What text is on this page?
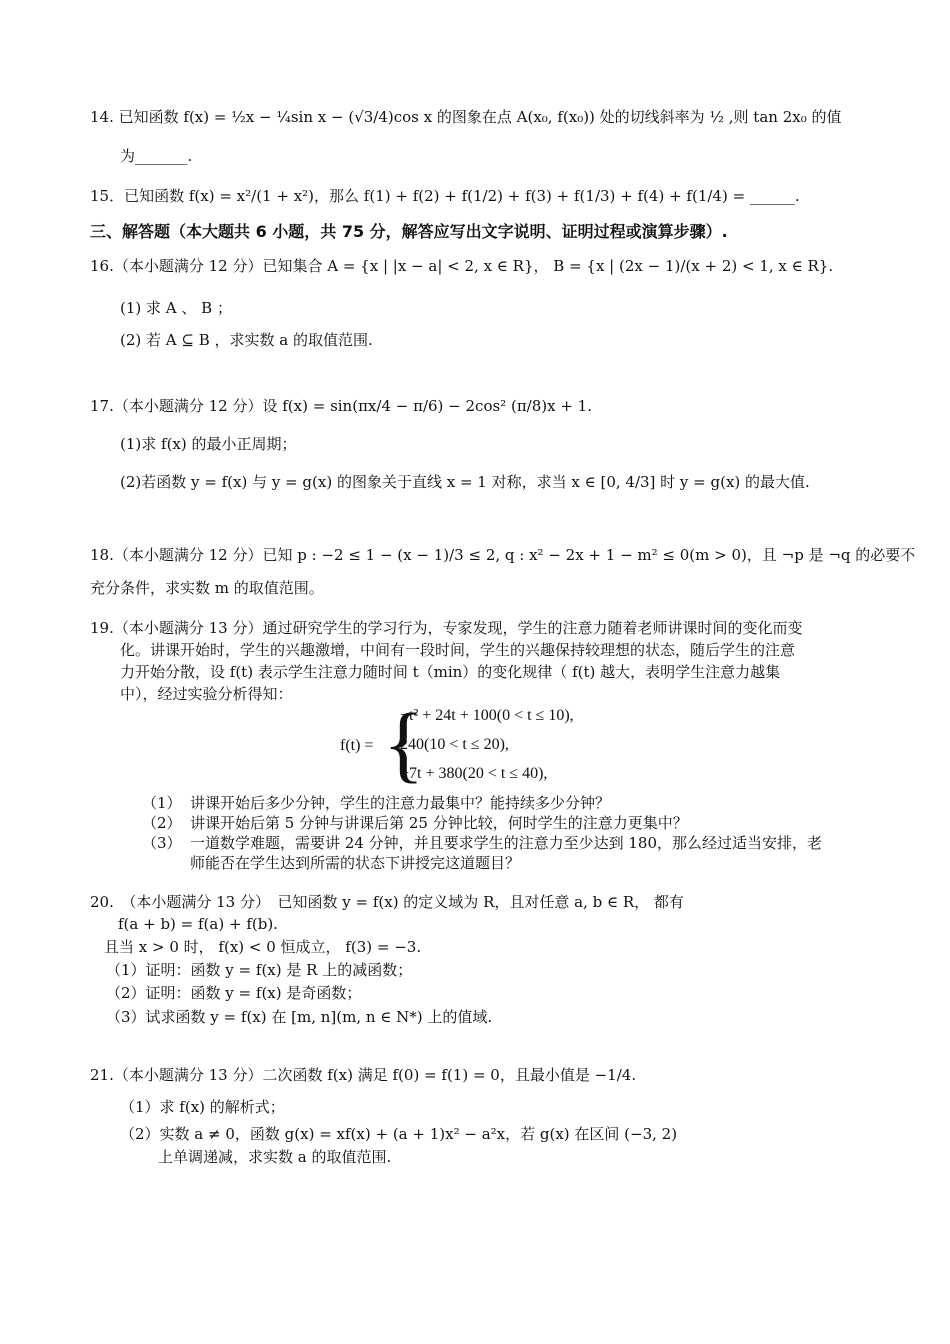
14. 已知函数 f(x) = ½x − ¼sin x − (√3/4)cos x 的图象在点 A(x₀, f(x₀)) 处的切线斜率为 ½ ,则 tan 2x₀ 的值
为_______.
15．已知函数 f(x) = x²/(1 + x²)，那么 f(1) + f(2) + f(1/2) + f(3) + f(1/3) + f(4) + f(1/4) = ______.
三、解答题（本大题共 6 小题，共 75 分，解答应写出文字说明、证明过程或演算步骤）.
16.（本小题满分 12 分）已知集合 A = {x | |x − a| < 2, x ∈ R}， B = {x | (2x − 1)/(x + 2) < 1, x ∈ R}.
(1) 求 A 、 B ；
(2) 若 A ⊆ B ，求实数 a 的取值范围.
17.（本小题满分 12 分）设 f(x) = sin(πx/4 − π/6) − 2cos² (π/8)x + 1.
(1)求 f(x) 的最小正周期；
(2)若函数 y = f(x) 与 y = g(x) 的图象关于直线 x = 1 对称，求当 x ∈ [0, 4/3] 时 y = g(x) 的最大值.
18.（本小题满分 12 分）已知 p : −2 ≤ 1 − (x − 1)/3 ≤ 2, q : x² − 2x + 1 − m² ≤ 0(m > 0)，且 ¬p 是 ¬q 的必要不
充分条件，求实数 m 的取值范围。
19.（本小题满分 13 分）通过研究学生的学习行为，专家发现，学生的注意力随着老师讲课时间的变化而变
化。讲课开始时，学生的兴趣激增，中间有一段时间，学生的兴趣保持较理想的状态，随后学生的注意
力开始分散，设 f(t) 表示学生注意力随时间 t（min）的变化规律（ f(t) 越大，表明学生注意力越集
中），经过实验分析得知：
f(t) = {
−t² + 24t + 100(0 < t ≤ 10),
240(10 < t ≤ 20),
−7t + 380(20 < t ≤ 40),
（1） 讲课开始后多少分钟，学生的注意力最集中？能持续多少分钟？
（2） 讲课开始后第 5 分钟与讲课后第 25 分钟比较，何时学生的注意力更集中？
（3） 一道数学难题，需要讲 24 分钟，并且要求学生的注意力至少达到 180，那么经过适当安排，老
师能否在学生达到所需的状态下讲授完这道题目？
20.　（本小题满分 13 分）　已知函数 y = f(x) 的定义域为 R，且对任意 a, b ∈ R， 都有
f(a + b) = f(a) + f(b).
且当 x > 0 时， f(x) < 0 恒成立， f(3) = −3.
（1）证明：函数 y = f(x) 是 R 上的减函数；
（2）证明：函数 y = f(x) 是奇函数；
（3）试求函数 y = f(x) 在 [m, n](m, n ∈ N*) 上的值域.
21.（本小题满分 13 分）二次函数 f(x) 满足 f(0) = f(1) = 0，且最小值是 −1/4.
（1）求 f(x) 的解析式；
（2）实数 a ≠ 0，函数 g(x) = xf(x) + (a + 1)x² − a²x，若 g(x) 在区间 (−3, 2)
上单调递减，求实数 a 的取值范围.
